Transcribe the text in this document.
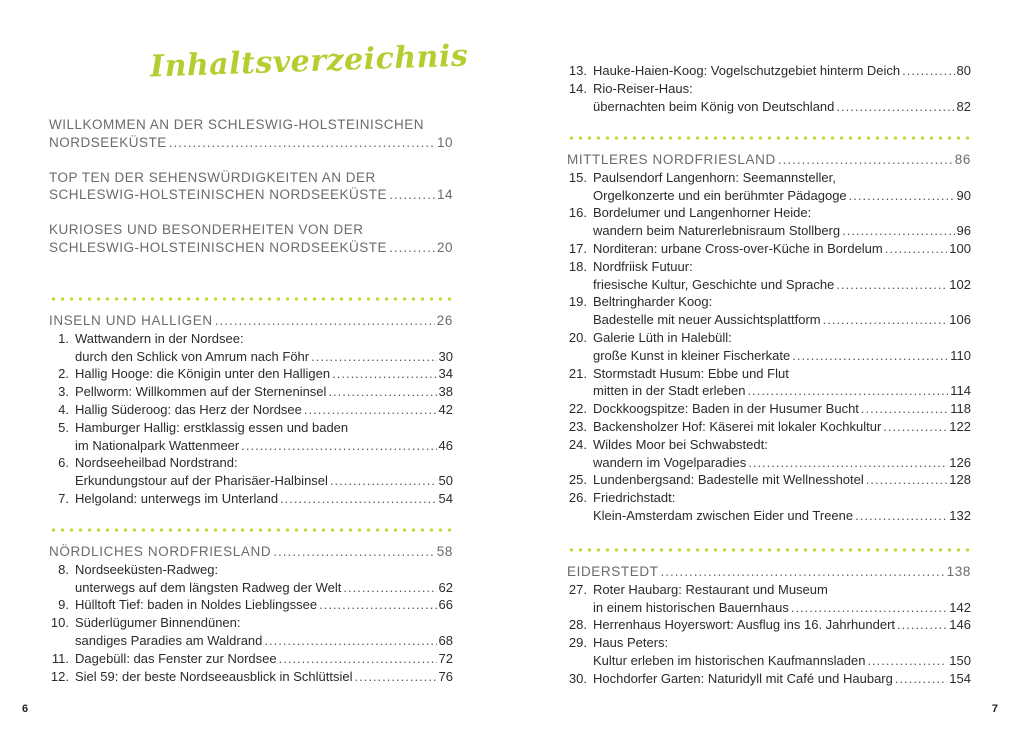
Inhaltsverzeichnis
WILLKOMMEN AN DER SCHLESWIG-HOLSTEINISCHEN
NORDSEEKÜSTE .....	10
TOP TEN DER SEHENSWÜRDIGKEITEN AN DER
SCHLESWIG-HOLSTEINISCHEN NORDSEEKÜSTE .....	14
KURIOSES UND BESONDERHEITEN VON DER
SCHLESWIG-HOLSTEINISCHEN NORDSEEKÜSTE .....	20
INSELN UND HALLIGEN .....	26
1. Wattwandern in der Nordsee:
durch den Schlick von Amrum nach Föhr .....	30
2. Hallig Hooge: die Königin unter den Halligen .....	34
3. Pellworm: Willkommen auf der Sterneninsel .....	38
4. Hallig Süderoog: das Herz der Nordsee .....	42
5. Hamburger Hallig: erstklassig essen und baden
im Nationalpark Wattenmeer .....	46
6. Nordseeheilbad Nordstrand:
Erkundungstour auf der Pharisäer-Halbinsel .....	50
7. Helgoland: unterwegs im Unterland .....	54
NÖRDLICHES NORDFRIESLAND .....	58
8. Nordseeküsten-Radweg:
unterwegs auf dem längsten Radweg der Welt .....	62
9. Hülltoft Tief: baden in Noldes Lieblingssee .....	66
10. Süderlügumer Binnendünen:
sandiges Paradies am Waldrand .....	68
11. Dagebüll: das Fenster zur Nordsee .....	72
12. Siel 59: der beste Nordseeausblick in Schlüttsiel .....	76
6
13. Hauke-Haien-Koog: Vogelschutzgebiet hinterm Deich .....	80
14. Rio-Reiser-Haus:
übernachten beim König von Deutschland .....	82
MITTLERES NORDFRIESLAND .....	86
15. Paulsendorf Langenhorn: Seemannsteller,
Orgelkonzerte und ein berühmter Pädagoge .....	90
16. Bordelumer und Langenhorner Heide:
wandern beim Naturerlebnisraum Stollberg .....	96
17. Norditeran: urbane Cross-over-Küche in Bordelum .....	100
18. Nordfriisk Futuur:
friesische Kultur, Geschichte und Sprache .....	102
19. Beltringharder Koog:
Badestelle mit neuer Aussichtsplattform .....	106
20. Galerie Lüth in Halebüll:
große Kunst in kleiner Fischerkate .....	110
21. Stormstadt Husum: Ebbe und Flut
mitten in der Stadt erleben .....	114
22. Dockkoogspitze: Baden in der Husumer Bucht .....	118
23. Backensholzer Hof: Käserei mit lokaler Kochkultur .....	122
24. Wildes Moor bei Schwabstedt:
wandern im Vogelparadies .....	126
25. Lundenbergsand: Badestelle mit Wellnesshotel .....	128
26. Friedrichstadt:
Klein-Amsterdam zwischen Eider und Treene .....	132
EIDERSTEDT .....	138
27. Roter Haubarg: Restaurant und Museum
in einem historischen Bauernhaus .....	142
28. Herrenhaus Hoyerswort: Ausflug ins 16. Jahrhundert .....	146
29. Haus Peters:
Kultur erleben im historischen Kaufmannsladen .....	150
30. Hochdorfer Garten: Naturidyll mit Café und Haubarg .....	154
7
